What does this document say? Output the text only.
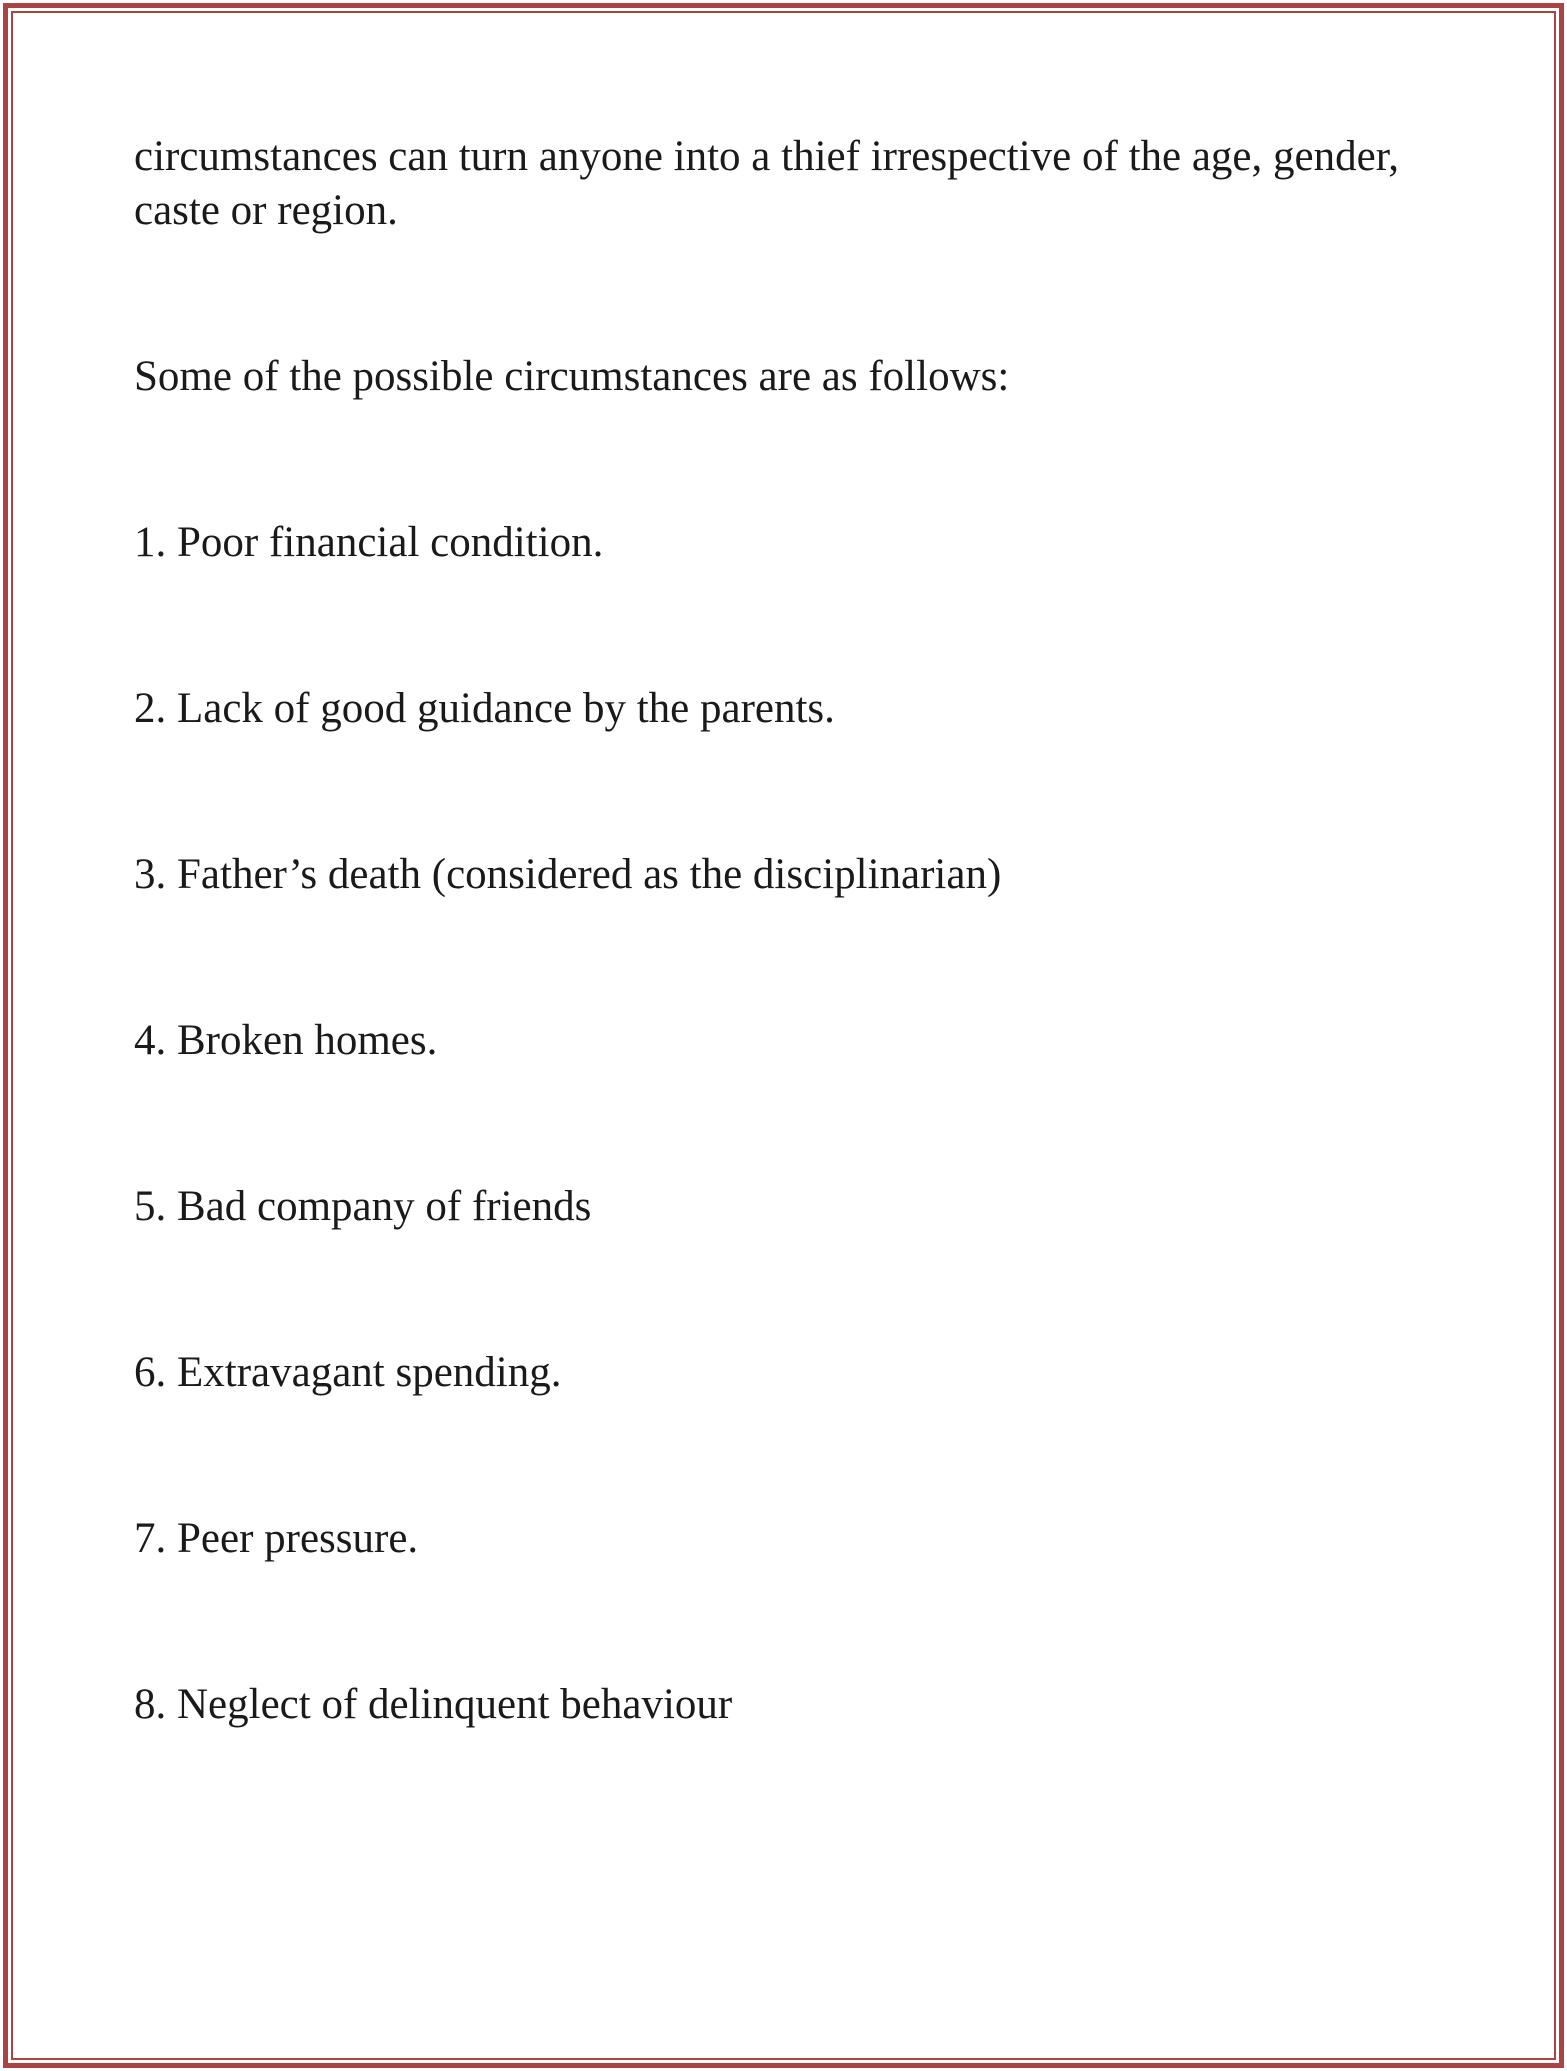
circumstances can turn anyone into a thief irrespective of the age, gender, caste or region.

Some of the possible circumstances are as follows:

1. Poor financial condition.
2. Lack of good guidance by the parents.
3. Father’s death (considered as the disciplinarian)
4. Broken homes.
5. Bad company of friends
6. Extravagant spending.
7. Peer pressure.
8. Neglect of delinquent behaviour
